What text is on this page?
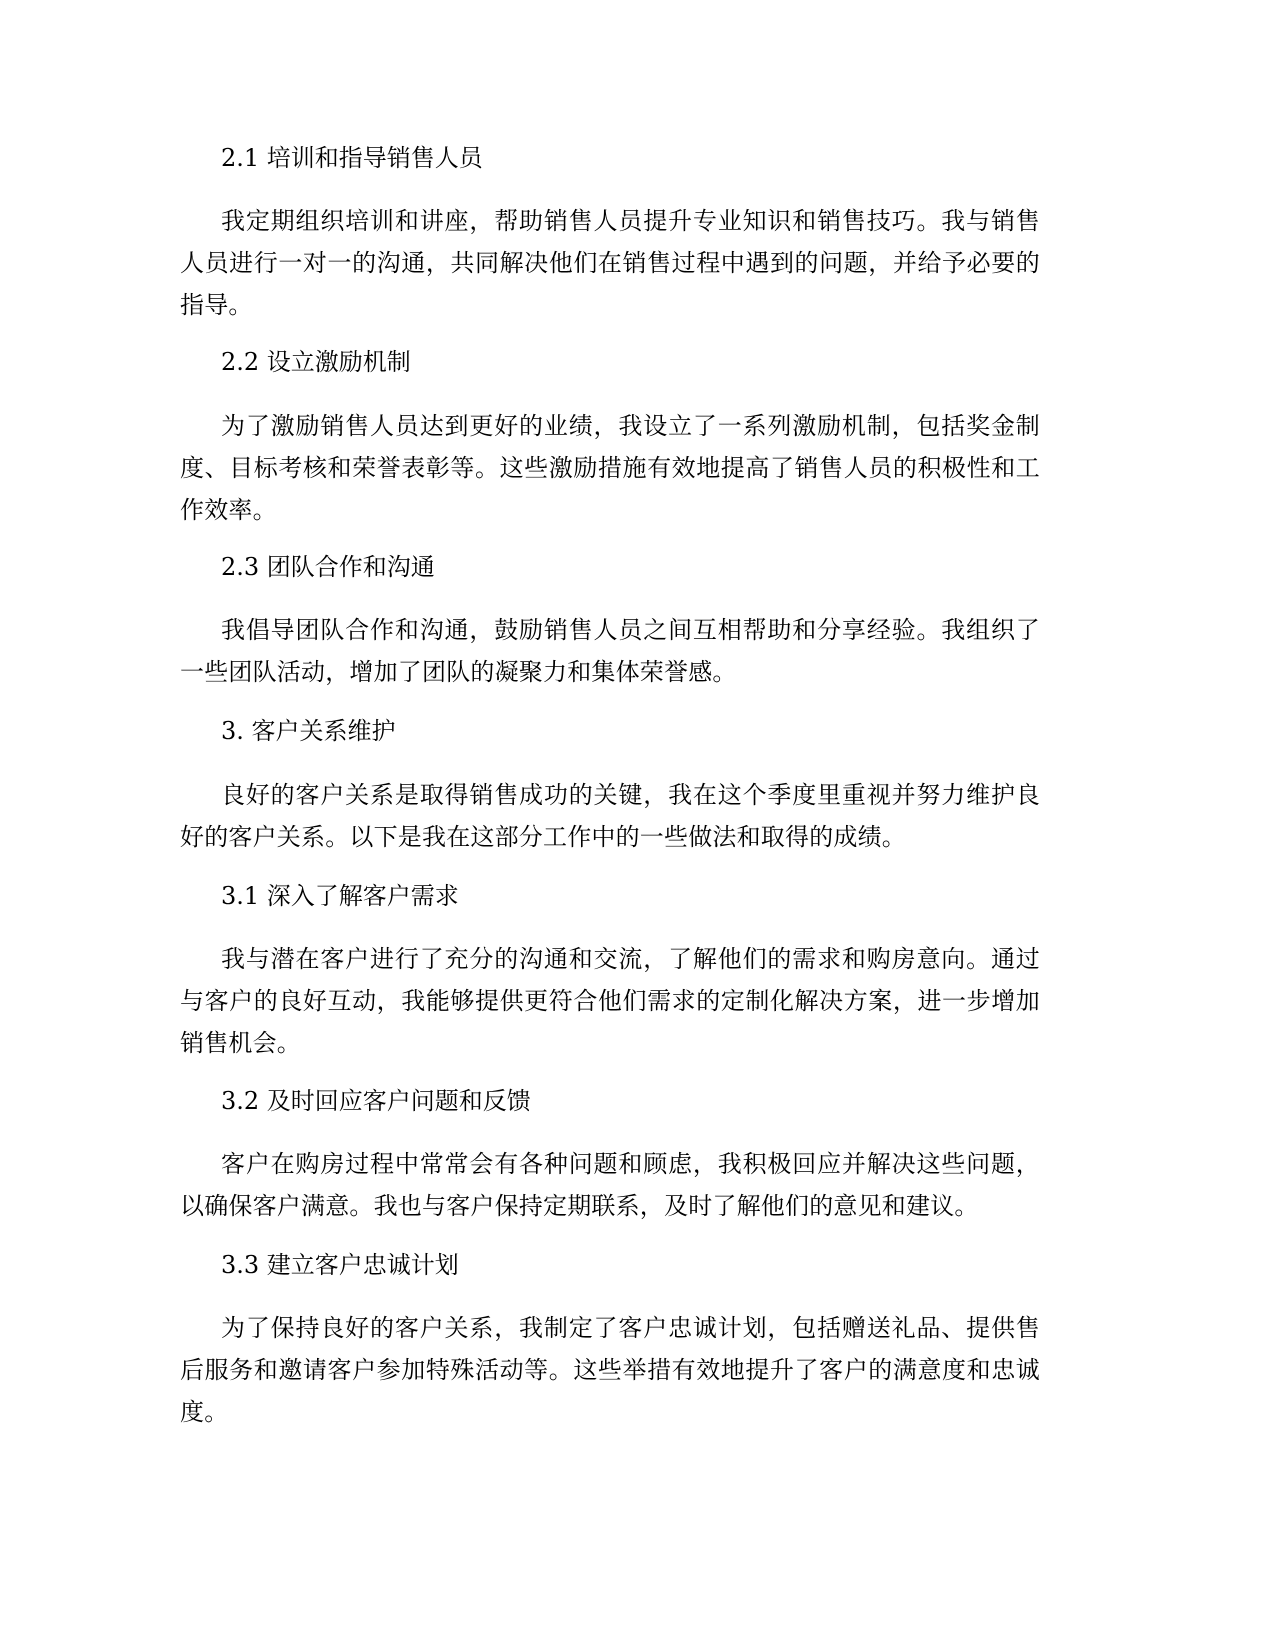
2.1 培训和指导销售人员

我定期组织培训和讲座，帮助销售人员提升专业知识和销售技巧。我与销售人员进行一对一的沟通，共同解决他们在销售过程中遇到的问题，并给予必要的指导。

2.2 设立激励机制

为了激励销售人员达到更好的业绩，我设立了一系列激励机制，包括奖金制度、目标考核和荣誉表彰等。这些激励措施有效地提高了销售人员的积极性和工作效率。

2.3 团队合作和沟通

我倡导团队合作和沟通，鼓励销售人员之间互相帮助和分享经验。我组织了一些团队活动，增加了团队的凝聚力和集体荣誉感。

3. 客户关系维护

良好的客户关系是取得销售成功的关键，我在这个季度里重视并努力维护良好的客户关系。以下是我在这部分工作中的一些做法和取得的成绩。

3.1 深入了解客户需求

我与潜在客户进行了充分的沟通和交流，了解他们的需求和购房意向。通过与客户的良好互动，我能够提供更符合他们需求的定制化解决方案，进一步增加销售机会。

3.2 及时回应客户问题和反馈

客户在购房过程中常常会有各种问题和顾虑，我积极回应并解决这些问题，以确保客户满意。我也与客户保持定期联系，及时了解他们的意见和建议。

3.3 建立客户忠诚计划

为了保持良好的客户关系，我制定了客户忠诚计划，包括赠送礼品、提供售后服务和邀请客户参加特殊活动等。这些举措有效地提升了客户的满意度和忠诚度。
